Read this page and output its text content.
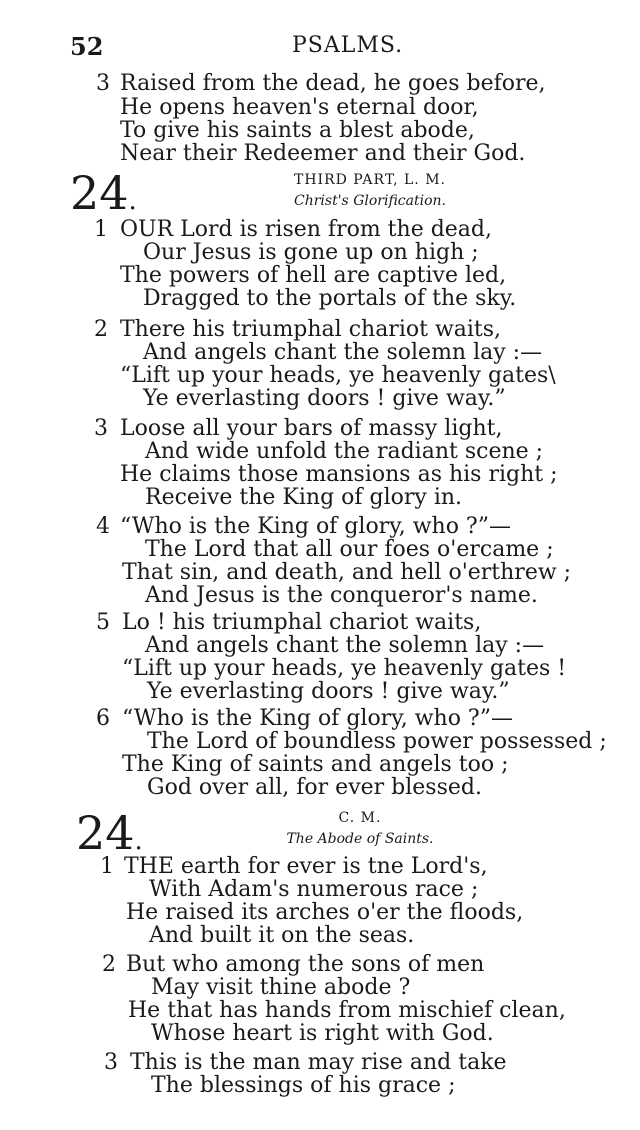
52	PSALMS.
3 Raised from the dead, he goes before,
He opens heaven's eternal door,
To give his saints a blest abode,
Near their Redeemer and their God.
24.
THIRD PART, L. M.
Christ's Glorification.
1 OUR Lord is risen from the dead,
Our Jesus is gone up on high ;
The powers of hell are captive led,
Dragged to the portals of the sky.
2 There his triumphal chariot waits,
And angels chant the solemn lay :—
“Lift up your heads, ye heavenly gates\
Ye everlasting doors ! give way.”
3 Loose all your bars of massy light,
And wide unfold the radiant scene ;
He claims those mansions as his right ;
Receive the King of glory in.
4 “Who is the King of glory, who ?”—
The Lord that all our foes o'ercame ;
That sin, and death, and hell o'erthrew ;
And Jesus is the conqueror's name.
5 Lo ! his triumphal chariot waits,
And angels chant the solemn lay :—
“Lift up your heads, ye heavenly gates !
Ye everlasting doors ! give way.”
6 “Who is the King of glory, who ?”—
The Lord of boundless power possessed ;
The King of saints and angels too ;
God over all, for ever blessed.
24.
C. M.
The Abode of Saints.
1 THE earth for ever is tne Lord's,
With Adam's numerous race ;
He raised its arches o'er the floods,
And built it on the seas.
2 But who among the sons of men
May visit thine abode ?
He that has hands from mischief clean,
Whose heart is right with God.
3 This is the man may rise and take
The blessings of his grace ;
